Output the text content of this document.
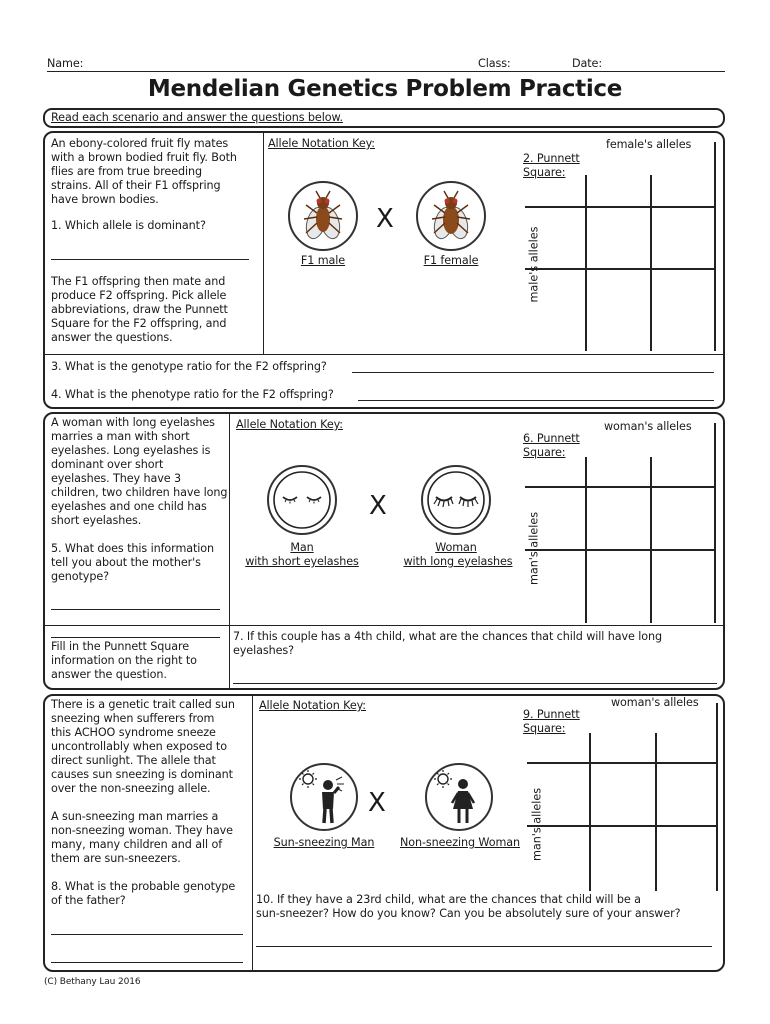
Name:	Class:	Date:
Mendelian Genetics Problem Practice
Read each scenario and answer the questions below.
An ebony-colored fruit fly mates
with a brown bodied fruit fly. Both
flies are from true breeding
strains. All of their F1 offspring
have brown bodies.
1. Which allele is dominant?
The F1 offspring then mate and
produce F2 offspring. Pick allele
abbreviations, draw the Punnett
Square for the F2 offspring, and
answer the questions.
Allele Notation Key:
X
F1 male	F1 female
2. Punnett
Square:
female's alleles
male's alleles
3. What is the genotype ratio for the F2 offspring?
4. What is the phenotype ratio for the F2 offspring?
A woman with long eyelashes
marries a man with short
eyelashes. Long eyelashes is
dominant over short
eyelashes. They have 3
children, two children have long
eyelashes and one child has
short eyelashes.
5. What does this information
tell you about the mother's
genotype?
Fill in the Punnett Square
information on the right to
answer the question.
Allele Notation Key:
X
Man
with short eyelashes
Woman
with long eyelashes
6. Punnett
Square:
woman's alleles
man's alleles
7. If this couple has a 4th child, what are the chances that child will have long
eyelashes?
There is a genetic trait called sun
sneezing when sufferers from
this ACHOO syndrome sneeze
uncontrollably when exposed to
direct sunlight. The allele that
causes sun sneezing is dominant
over the non-sneezing allele.
A sun-sneezing man marries a
non-sneezing woman. They have
many, many children and all of
them are sun-sneezers.
8. What is the probable genotype
of the father?
Allele Notation Key:
X
Sun-sneezing Man	Non-sneezing Woman
9. Punnett
Square:
woman's alleles
man's alleles
10. If they have a 23rd child, what are the chances that child will be a
sun-sneezer? How do you know? Can you be absolutely sure of your answer?
(C) Bethany Lau 2016
